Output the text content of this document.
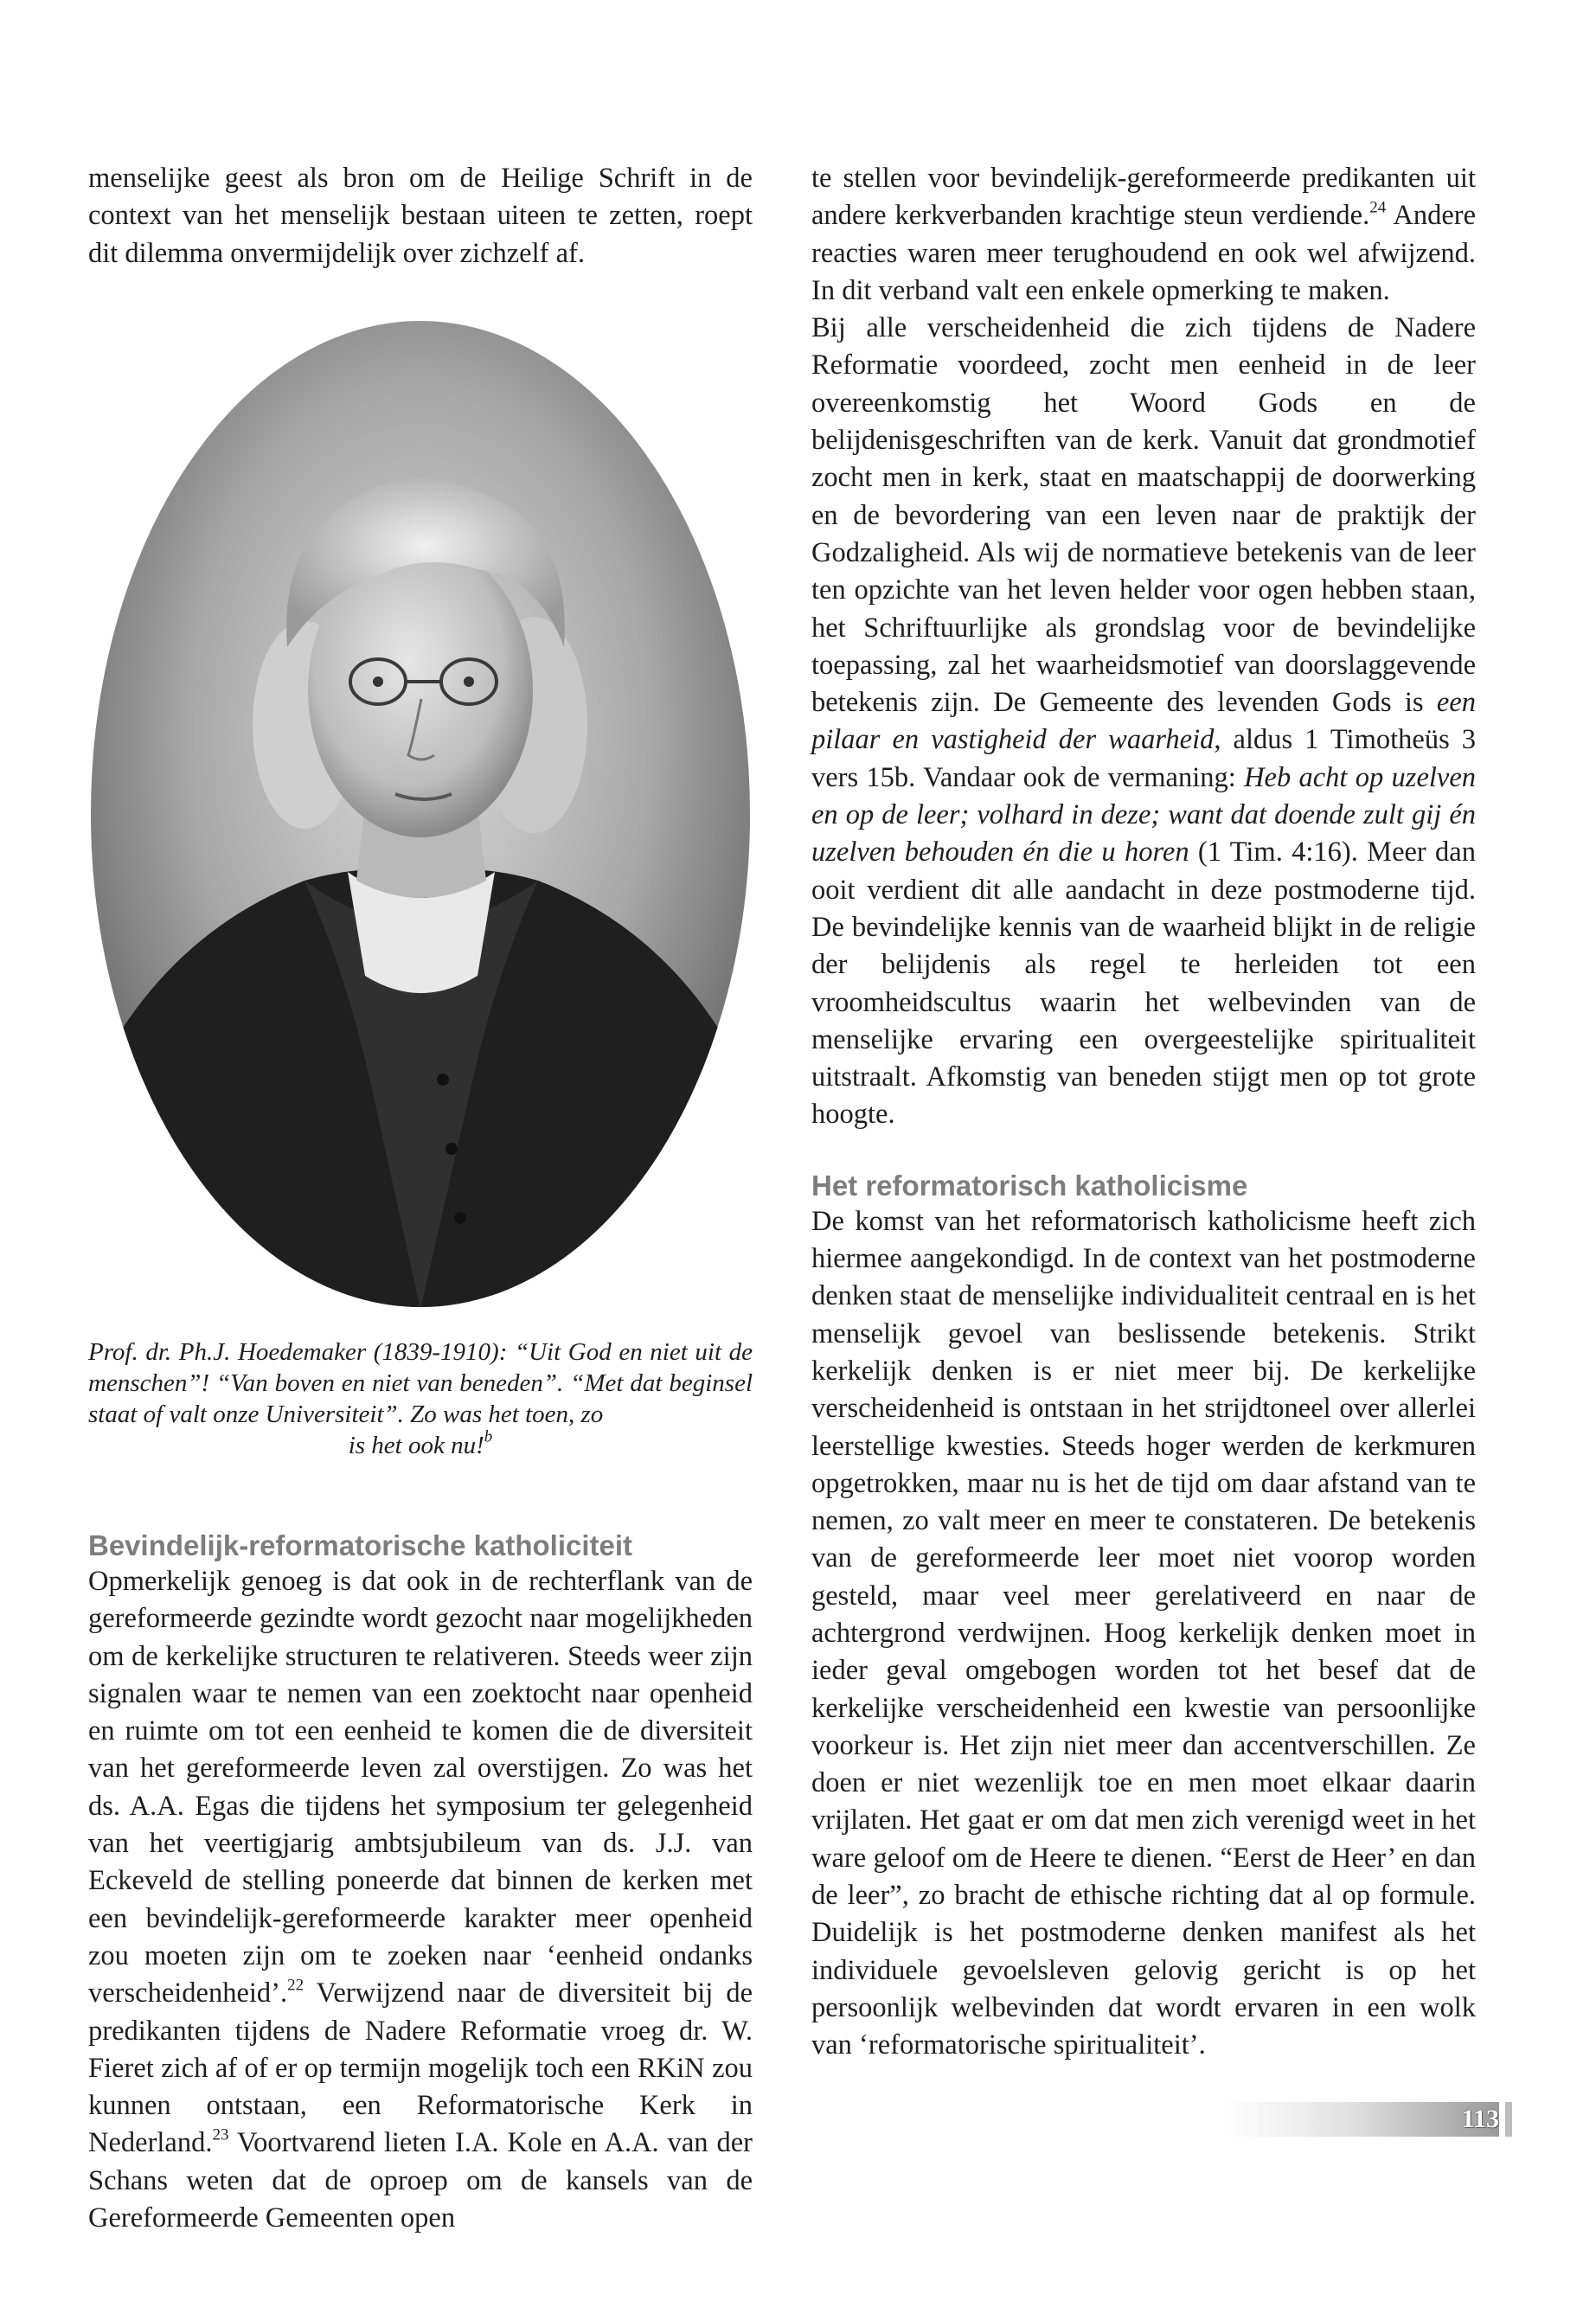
menselijke geest als bron om de Heilige Schrift in de context van het menselijk bestaan uiteen te zetten, roept dit dilemma onvermijdelijk over zichzelf af.

Prof. dr. Ph.J. Hoedemaker (1839-1910): “Uit God en niet uit de menschen”! “Van boven en niet van beneden”. “Met dat beginsel staat of valt onze Universiteit”. Zo was het toen, zo
is het ook nu!$^b$

Bevindelijk-reformatorische katholiciteit

Opmerkelijk genoeg is dat ook in de rechterflank van de gereformeerde gezindte wordt gezocht naar mogelijkheden om de kerkelijke structuren te relativeren. Steeds weer zijn signalen waar te nemen van een zoektocht naar openheid en ruimte om tot een eenheid te komen die de diversiteit van het gereformeerde leven zal overstijgen. Zo was het ds. A.A. Egas die tijdens het symposium ter gelegenheid van het veertigjarig ambtsjubileum van ds. J.J. van Eckeveld de stelling poneerde dat binnen de kerken met een bevindelijk-gereformeerde karakter meer openheid zou moeten zijn om te zoeken naar ‘eenheid ondanks verscheidenheid’.$^{22}$ Verwijzend naar de diversiteit bij de predikanten tijdens de Nadere Reformatie vroeg dr. W. Fieret zich af of er op termijn mogelijk toch een RKiN zou kunnen ontstaan, een Reformatorische Kerk in Nederland.$^{23}$ Voortvarend lieten I.A. Kole en A.A. van der Schans weten dat de oproep om de kansels van de Gereformeerde Gemeenten open

te stellen voor bevindelijk-gereformeerde predikanten uit andere kerkverbanden krachtige steun verdiende.$^{24}$ Andere reacties waren meer terughoudend en ook wel afwijzend. In dit verband valt een enkele opmerking te maken.

Bij alle verscheidenheid die zich tijdens de Nadere Reformatie voordeed, zocht men eenheid in de leer overeenkomstig het Woord Gods en de belijdenisgeschriften van de kerk. Vanuit dat grondmotief zocht men in kerk, staat en maatschappij de doorwerking en de bevordering van een leven naar de praktijk der Godzaligheid. Als wij de normatieve betekenis van de leer ten opzichte van het leven helder voor ogen hebben staan, het Schriftuurlijke als grondslag voor de bevindelijke toepassing, zal het waarheidsmotief van doorslaggevende betekenis zijn. De Gemeente des levenden Gods is een pilaar en vastigheid der waarheid, aldus 1 Timotheüs 3 vers 15b. Vandaar ook de vermaning: Heb acht op uzelven en op de leer; volhard in deze; want dat doende zult gij én uzelven behouden én die u horen (1 Tim. 4:16). Meer dan ooit verdient dit alle aandacht in deze postmoderne tijd. De bevindelijke kennis van de waarheid blijkt in de religie der belijdenis als regel te herleiden tot een vroomheidscultus waarin het welbevinden van de menselijke ervaring een overgeestelijke spiritualiteit uitstraalt. Afkomstig van beneden stijgt men op tot grote hoogte.

Het reformatorisch katholicisme

De komst van het reformatorisch katholicisme heeft zich hiermee aangekondigd. In de context van het postmoderne denken staat de menselijke individualiteit centraal en is het menselijk gevoel van beslissende betekenis. Strikt kerkelijk denken is er niet meer bij. De kerkelijke verscheidenheid is ontstaan in het strijdtoneel over allerlei leerstellige kwesties. Steeds hoger werden de kerkmuren opgetrokken, maar nu is het de tijd om daar afstand van te nemen, zo valt meer en meer te constateren. De betekenis van de gereformeerde leer moet niet voorop worden gesteld, maar veel meer gerelativeerd en naar de achtergrond verdwijnen. Hoog kerkelijk denken moet in ieder geval omgebogen worden tot het besef dat de kerkelijke verscheidenheid een kwestie van persoonlijke voorkeur is. Het zijn niet meer dan accentverschillen. Ze doen er niet wezenlijk toe en men moet elkaar daarin vrijlaten. Het gaat er om dat men zich verenigd weet in het ware geloof om de Heere te dienen. “Eerst de Heer’ en dan de leer”, zo bracht de ethische richting dat al op formule. Duidelijk is het postmoderne denken manifest als het individuele gevoelsleven gelovig gericht is op het persoonlijk welbevinden dat wordt ervaren in een wolk van ‘reformatorische spiritualiteit’.

113
